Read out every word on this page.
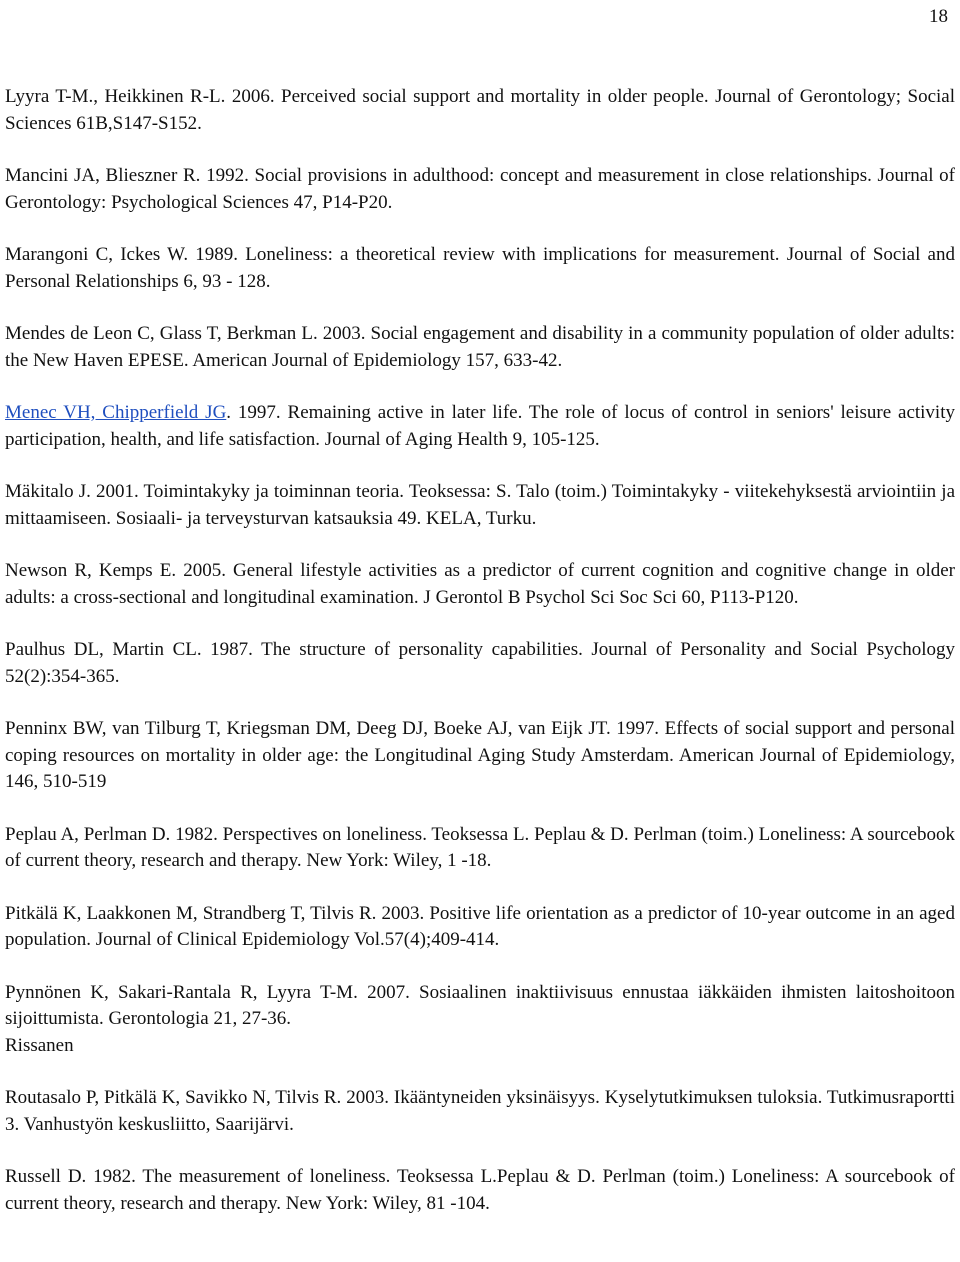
18

Lyyra T-M., Heikkinen R-L. 2006. Perceived social support and mortality in older people. Journal of Gerontology; Social Sciences 61B,S147-S152.

Mancini JA, Blieszner R. 1992. Social provisions in adulthood: concept and measurement in close relationships. Journal of Gerontology: Psychological Sciences 47, P14-P20.

Marangoni C, Ickes W. 1989. Loneliness: a theoretical review with implications for measurement. Journal of Social and Personal Relationships 6, 93 - 128.

Mendes de Leon C, Glass T, Berkman L. 2003. Social engagement and disability in a community population of older adults: the New Haven EPESE. American Journal of Epidemiology 157, 633-42.

Menec VH, Chipperfield JG. 1997. Remaining active in later life. The role of locus of control in seniors' leisure activity participation, health, and life satisfaction. Journal of Aging Health 9, 105-125.

Mäkitalo J. 2001. Toimintakyky ja toiminnan teoria. Teoksessa: S. Talo (toim.) Toimintakyky - viitekehyksestä arviointiin ja mittaamiseen. Sosiaali- ja terveysturvan katsauksia 49. KELA, Turku.

Newson R, Kemps E. 2005. General lifestyle activities as a predictor of current cognition and cognitive change in older adults: a cross-sectional and longitudinal examination. J Gerontol B Psychol Sci Soc Sci 60, P113-P120.

Paulhus DL, Martin CL. 1987. The structure of personality capabilities. Journal of Personality and Social Psychology 52(2):354-365.

Penninx BW, van Tilburg T, Kriegsman DM, Deeg DJ, Boeke AJ, van Eijk JT. 1997. Effects of social support and personal coping resources on mortality in older age: the Longitudinal Aging Study Amsterdam. American Journal of Epidemiology, 146, 510-519

Peplau A, Perlman D. 1982. Perspectives on loneliness. Teoksessa L. Peplau & D. Perlman (toim.) Loneliness: A sourcebook of current theory, research and therapy. New York: Wiley, 1 -18.

Pitkälä K, Laakkonen M, Strandberg T, Tilvis R. 2003. Positive life orientation as a predictor of 10-year outcome in an aged population. Journal of Clinical Epidemiology Vol.57(4);409-414.

Pynnönen K, Sakari-Rantala R, Lyyra T-M. 2007. Sosiaalinen inaktiivisuus ennustaa iäkkäiden ihmisten laitoshoitoon sijoittumista. Gerontologia 21, 27-36.

Rissanen

Routasalo P, Pitkälä K, Savikko N, Tilvis R. 2003. Ikääntyneiden yksinäisyys. Kyselytutkimuksen tuloksia. Tutkimusraportti 3. Vanhustyön keskusliitto, Saarijärvi.

Russell D. 1982. The measurement of loneliness. Teoksessa L.Peplau & D. Perlman (toim.) Loneliness: A sourcebook of current theory, research and therapy. New York: Wiley, 81 -104.
